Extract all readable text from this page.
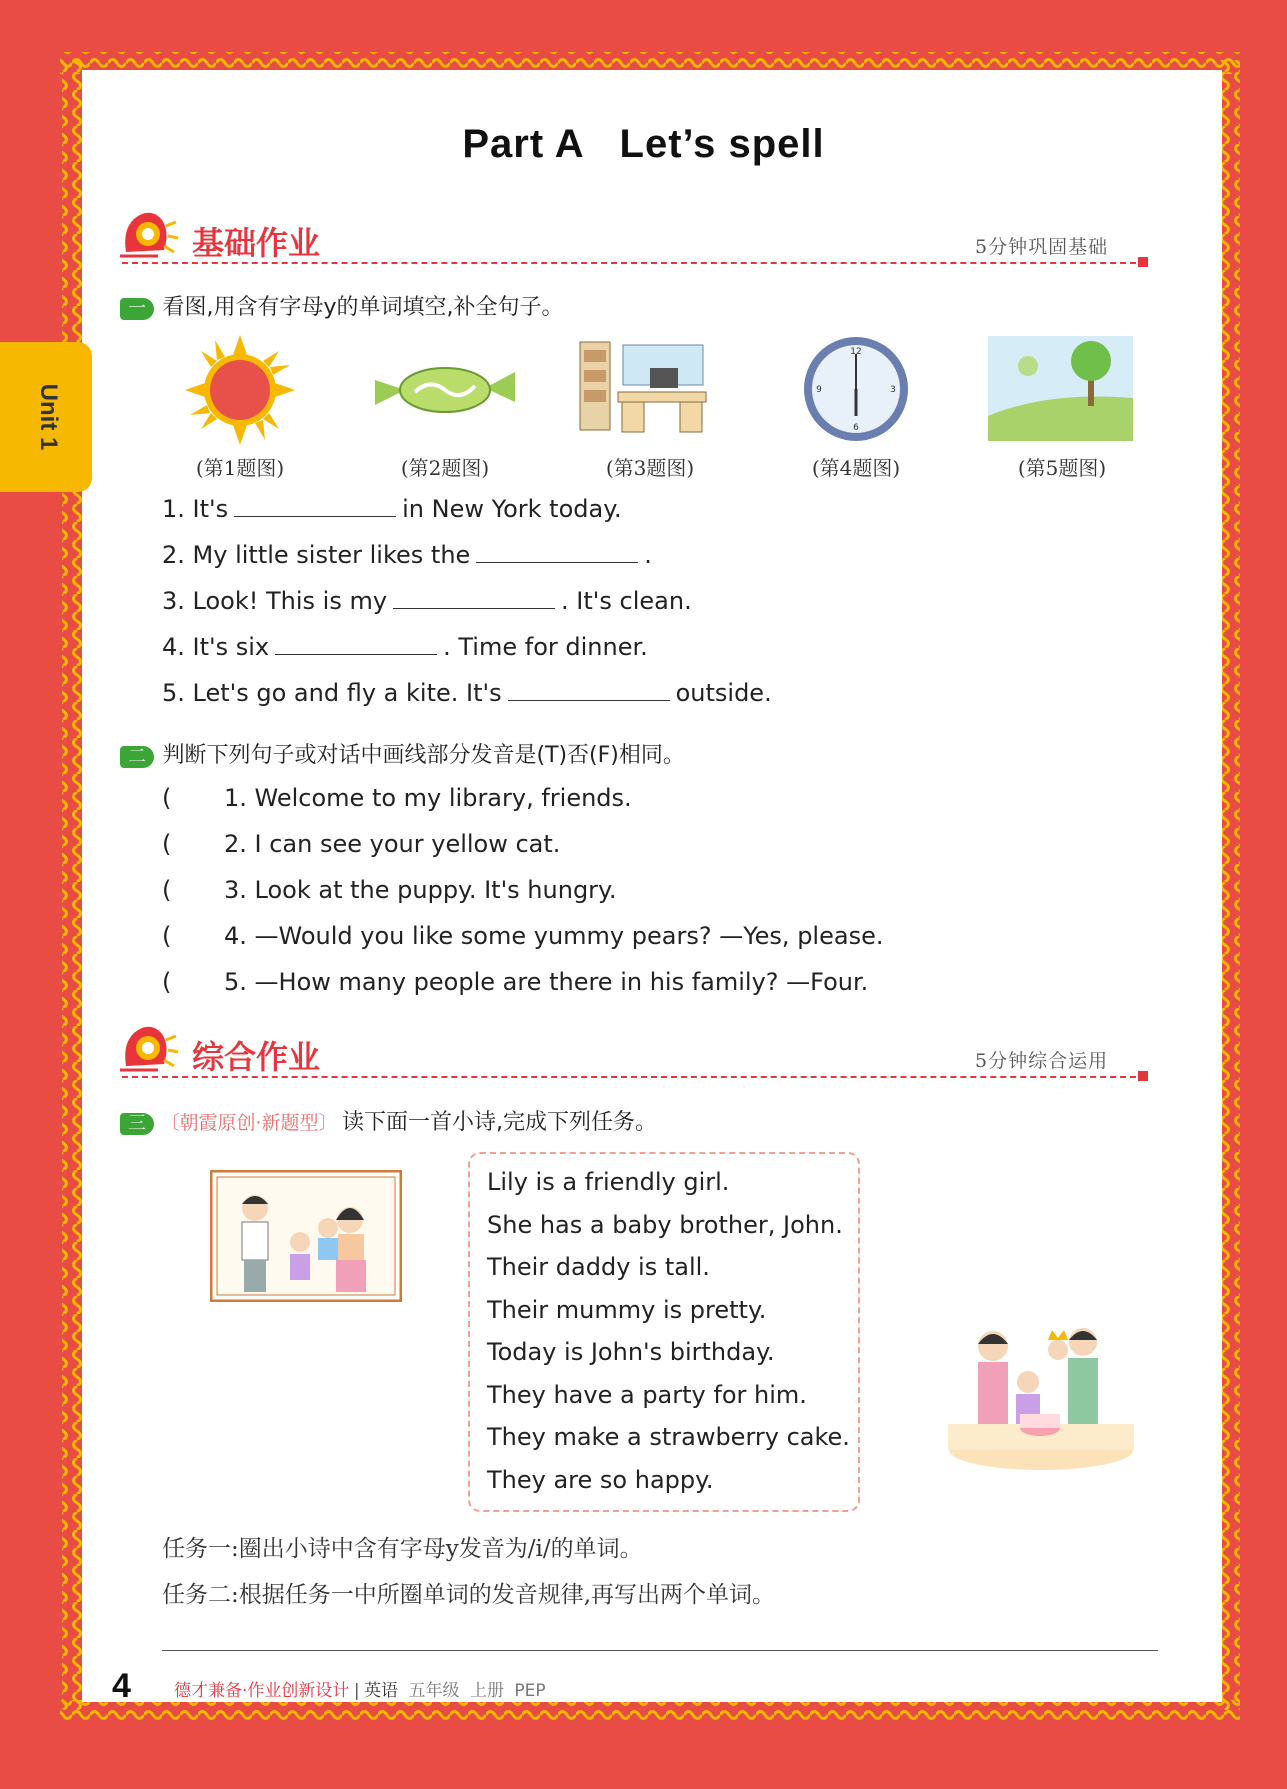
Unit 1
Part A   Let’s spell
基础作业	5分钟巩固基础
一 看图,用含有字母y的单词填空,补全句子。
12
3
6
9
(第1题图)	(第2题图)	(第3题图)	(第4题图)	(第5题图)
1. It's	in New York today.
2. My little sister likes the	.
3. Look! This is my	. It's clean.
4. It's six	. Time for dinner.
5. Let's go and fly a kite. It's	outside.
二 判断下列句子或对话中画线部分发音是(T)否(F)相同。
( 1. Welcome to my library, friends.
( 2. I can see your yellow cat.
( 3. Look at the puppy. It's hungry.
( 4. —Would you like some yummy pears? —Yes, please.
( 5. —How many people are there in his family? —Four.
综合作业	5分钟综合运用
三 〔朝霞原创·新题型〕 读下面一首小诗,完成下列任务。
Lily is a friendly girl.
She has a baby brother, John.
Their daddy is tall.
Their mummy is pretty.
Today is John's birthday.
They have a party for him.
They make a strawberry cake.
They are so happy.
任务一:圈出小诗中含有字母y发音为/i/的单词。
任务二:根据任务一中所圈单词的发音规律,再写出两个单词。
4	德才兼备·作业创新设计 | 英语 五年级 上册 PEP
